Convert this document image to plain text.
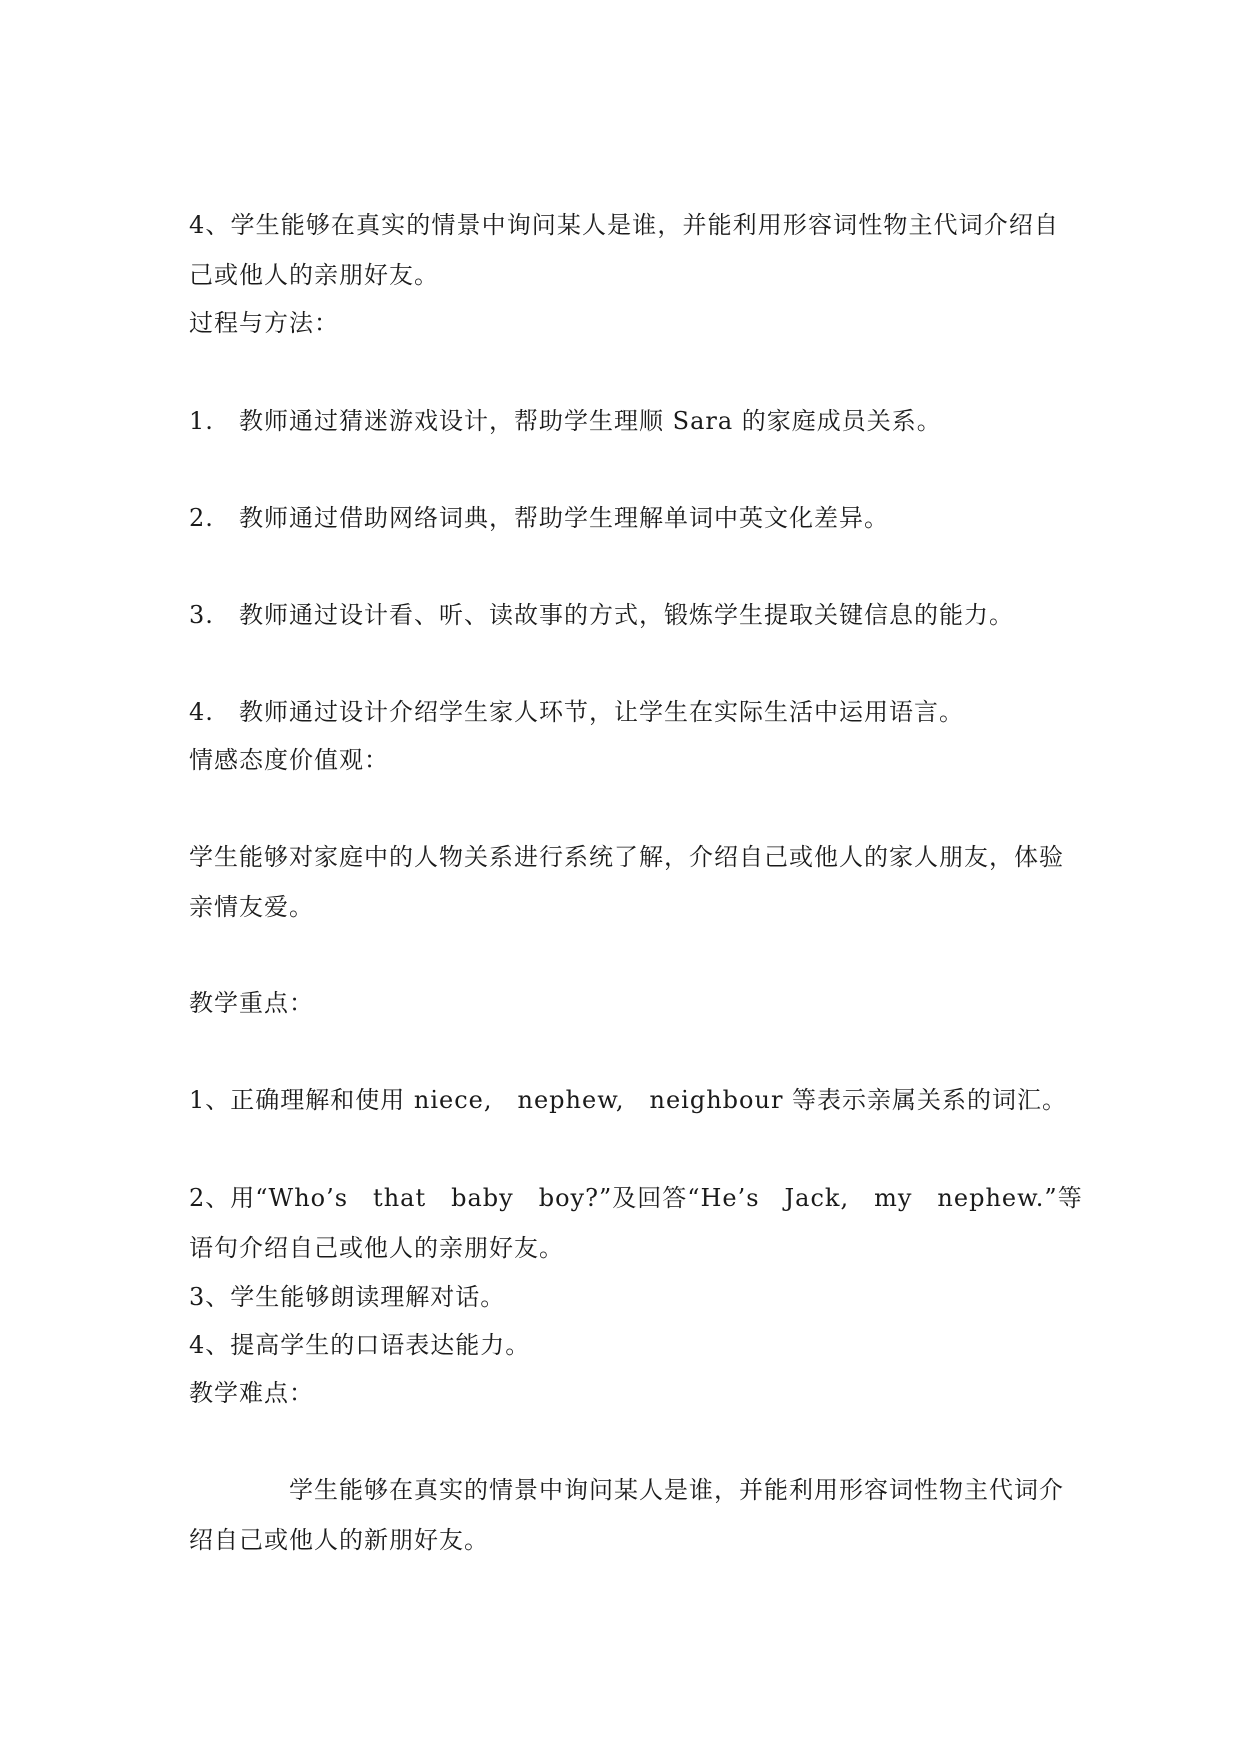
4、学生能够在真实的情景中询问某人是谁，并能利用形容词性物主代词介绍自
己或他人的亲朋好友。
过程与方法：
1. 教师通过猜迷游戏设计，帮助学生理顺 Sara 的家庭成员关系。
2. 教师通过借助网络词典，帮助学生理解单词中英文化差异。
3. 教师通过设计看、听、读故事的方式，锻炼学生提取关键信息的能力。
4. 教师通过设计介绍学生家人环节，让学生在实际生活中运用语言。
情感态度价值观：
学生能够对家庭中的人物关系进行系统了解，介绍自己或他人的家人朋友，体验
亲情友爱。
教学重点：
1、正确理解和使用 niece,　nephew,　neighbour 等表示亲属关系的词汇。
2、用“Who’s　that　baby　boy?”及回答“He’s　Jack,　my　nephew.”等
语句介绍自己或他人的亲朋好友。
3、学生能够朗读理解对话。
4、提高学生的口语表达能力。
教学难点：
学生能够在真实的情景中询问某人是谁，并能利用形容词性物主代词介
绍自己或他人的新朋好友。
